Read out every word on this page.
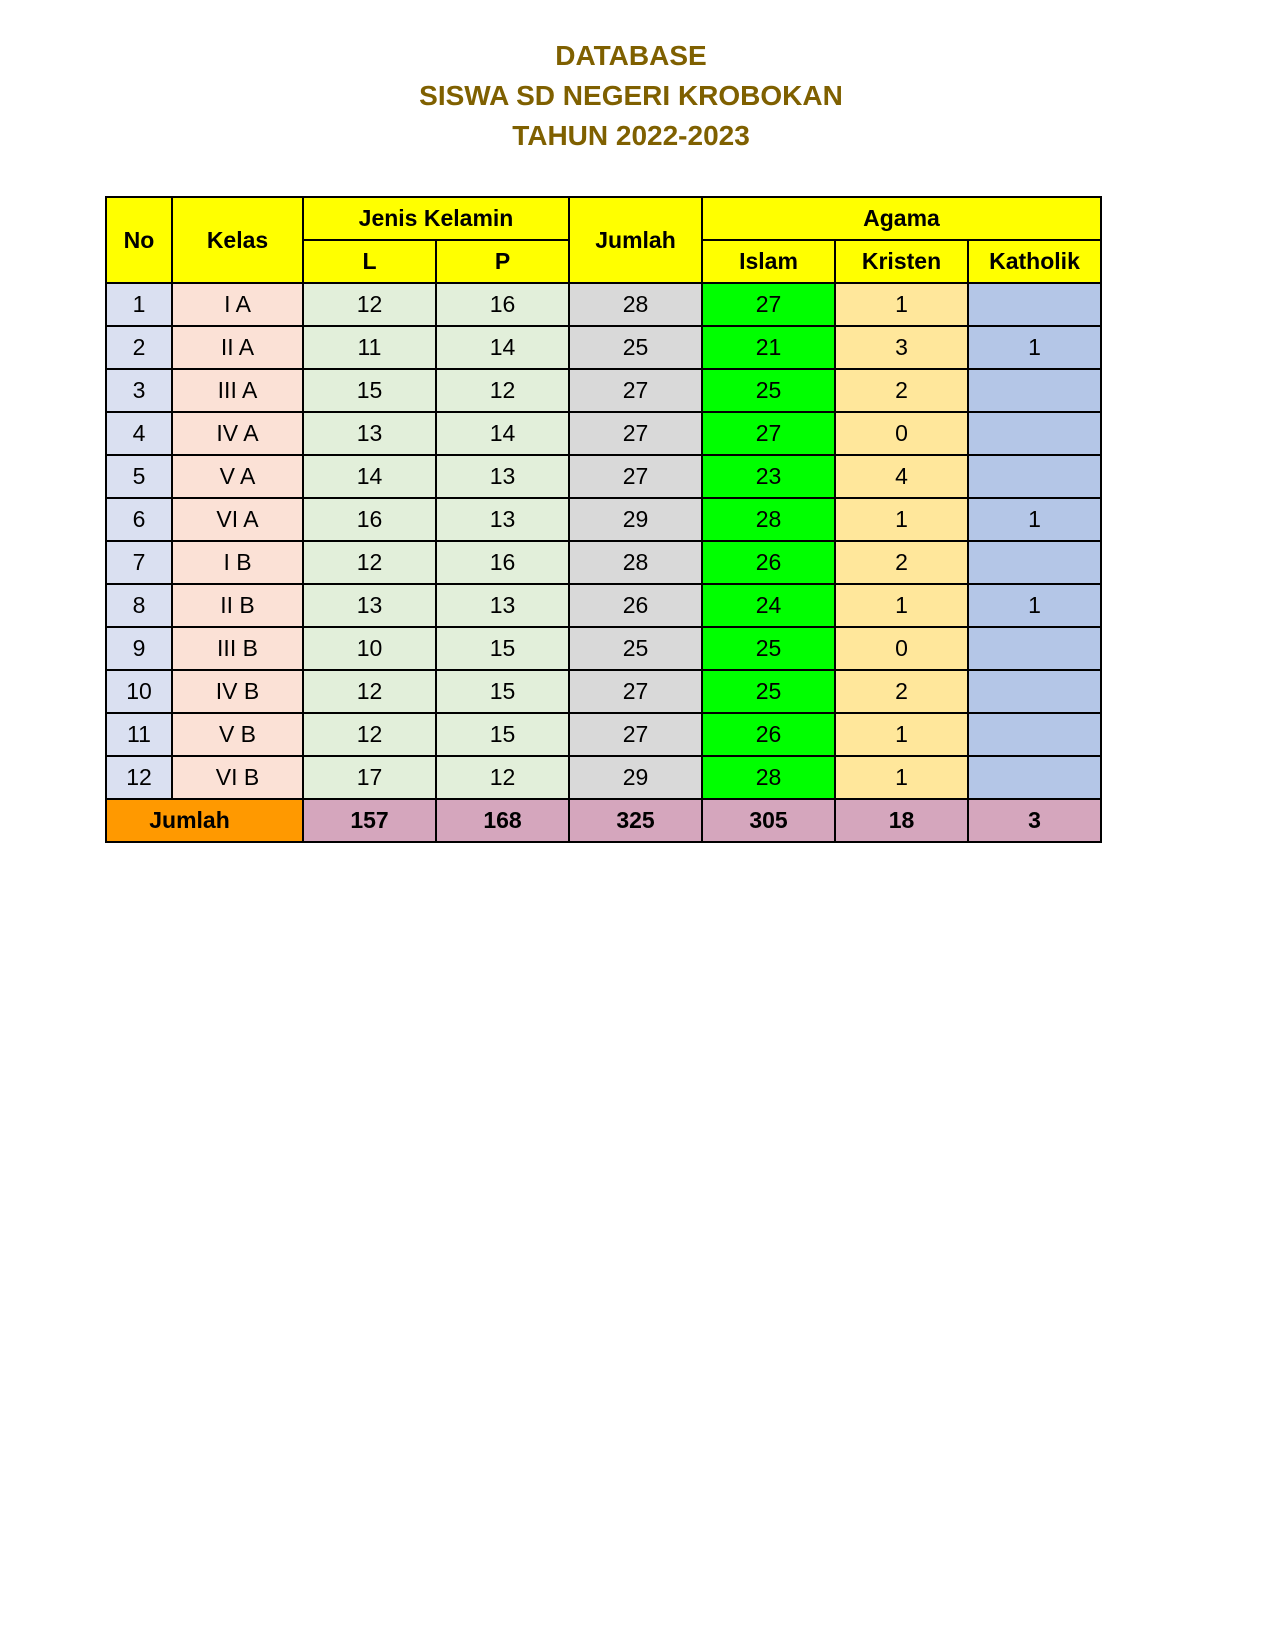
DATABASE
SISWA SD NEGERI KROBOKAN
TAHUN 2022-2023
No	Kelas	Jenis Kelamin		Jumlah	Agama		
		L	P		Islam	Kristen	Katholik
1	I A	12	16	28	27	1	
2	II A	11	14	25	21	3	1
3	III A	15	12	27	25	2	
4	IV A	13	14	27	27	0	
5	V A	14	13	27	23	4	
6	VI A	16	13	29	28	1	1
7	I B	12	16	28	26	2	
8	II B	13	13	26	24	1	1
9	III B	10	15	25	25	0	
10	IV B	12	15	27	25	2	
11	V B	12	15	27	26	1	
12	VI B	17	12	29	28	1	
Jumlah		157	168	325	305	18	3
